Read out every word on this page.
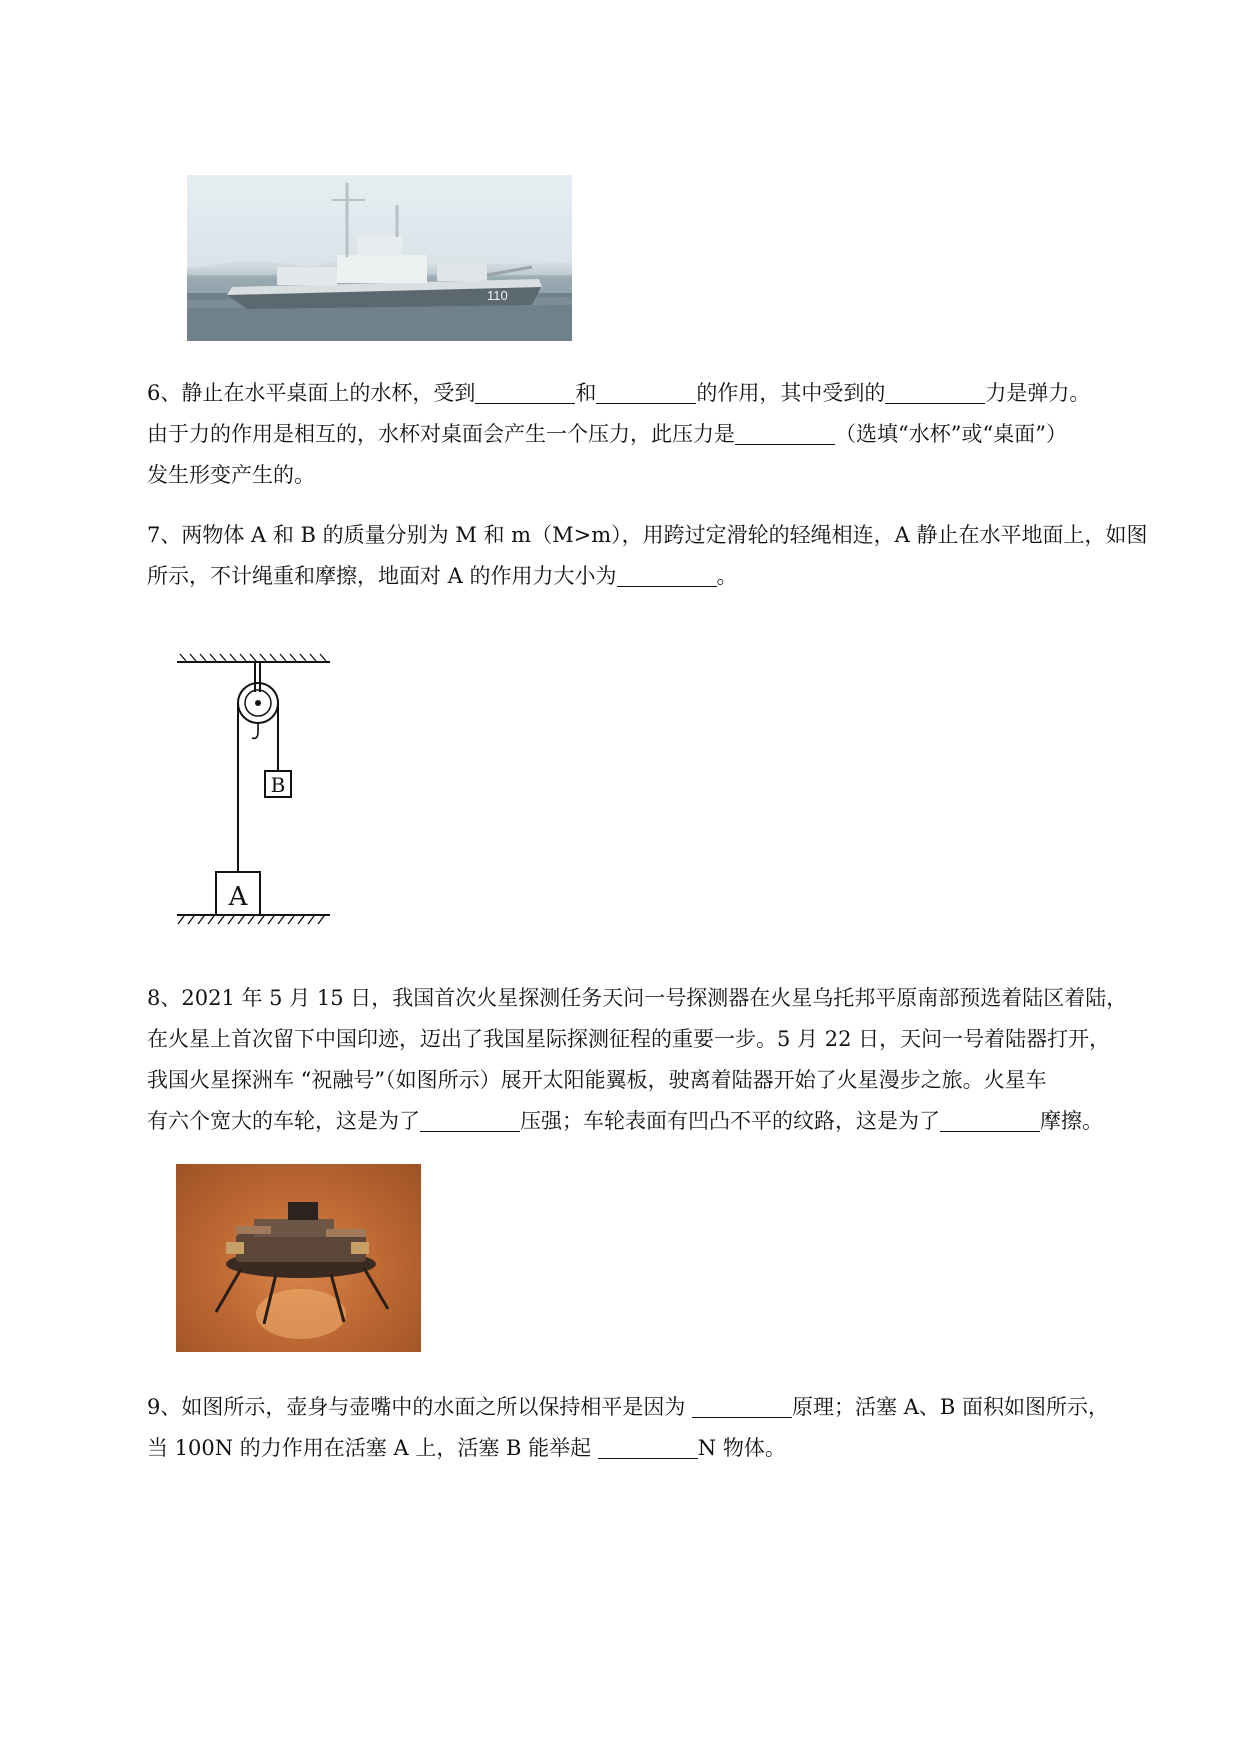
110
6、静止在水平桌面上的水杯，受到	和	的作用，其中受到的	力是弹力。
由于力的作用是相互的，水杯对桌面会产生一个压力，此压力是	（选填“水杯”或“桌面”）
发生形变产生的。
7、两物体 A 和 B 的质量分别为 M 和 m（M>m），用跨过定滑轮的轻绳相连，A 静止在水平地面上，如图
所示，不计绳重和摩擦，地面对 A 的作用力大小为	。
B
A
8、2021 年 5 月 15 日，我国首次火星探测任务天问一号探测器在火星乌托邦平原南部预选着陆区着陆，
在火星上首次留下中国印迹，迈出了我国星际探测征程的重要一步。5 月 22 日，天问一号着陆器打开，
我国火星探洲车 “祝融号”（如图所示）展开太阳能翼板，驶离着陆器开始了火星漫步之旅。火星车
有六个宽大的车轮，这是为了	压强；车轮表面有凹凸不平的纹路，这是为了	摩擦。
9、如图所示，壶身与壶嘴中的水面之所以保持相平是因为	原理；活塞 A、B 面积如图所示，
当 100N 的力作用在活塞 A 上，活塞 B 能举起	N 物体。
